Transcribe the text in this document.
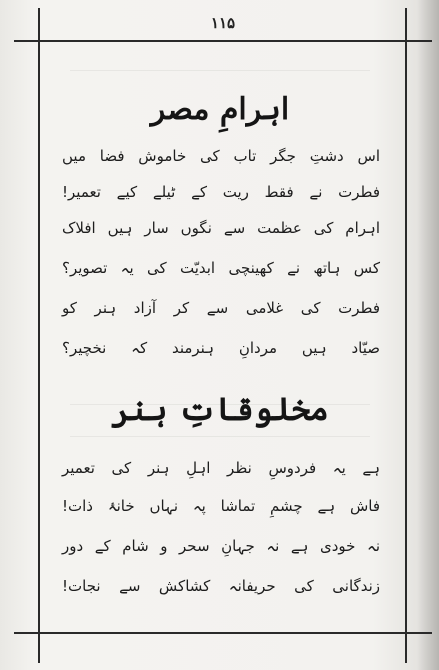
۱۱۵
اہرامِ مصر
اس دشتِ جگر تاب کی خاموش فضا میں
فطرت نے فقط ریت کے ٹیلے کیے تعمیر!
اہرام کی عظمت سے نگوں سار ہیں افلاک
کس ہاتھ نے کھینچی ابدیّت کی یہ تصویر؟
فطرت کی غلامی سے کر آزاد ہنر کو
صیّاد ہیں مردانِ ہنرمند کہ نخچیر؟
مخلوقاتِ ہنر
ہے یہ فردوسِ نظر اہلِ ہنر کی تعمیر
فاش ہے چشمِ تماشا پہ نہاں خانۂ ذات!
نہ خودی ہے نہ جہانِ سحر و شام کے دور
زندگانی کی حریفانہ کشاکش سے نجات!
